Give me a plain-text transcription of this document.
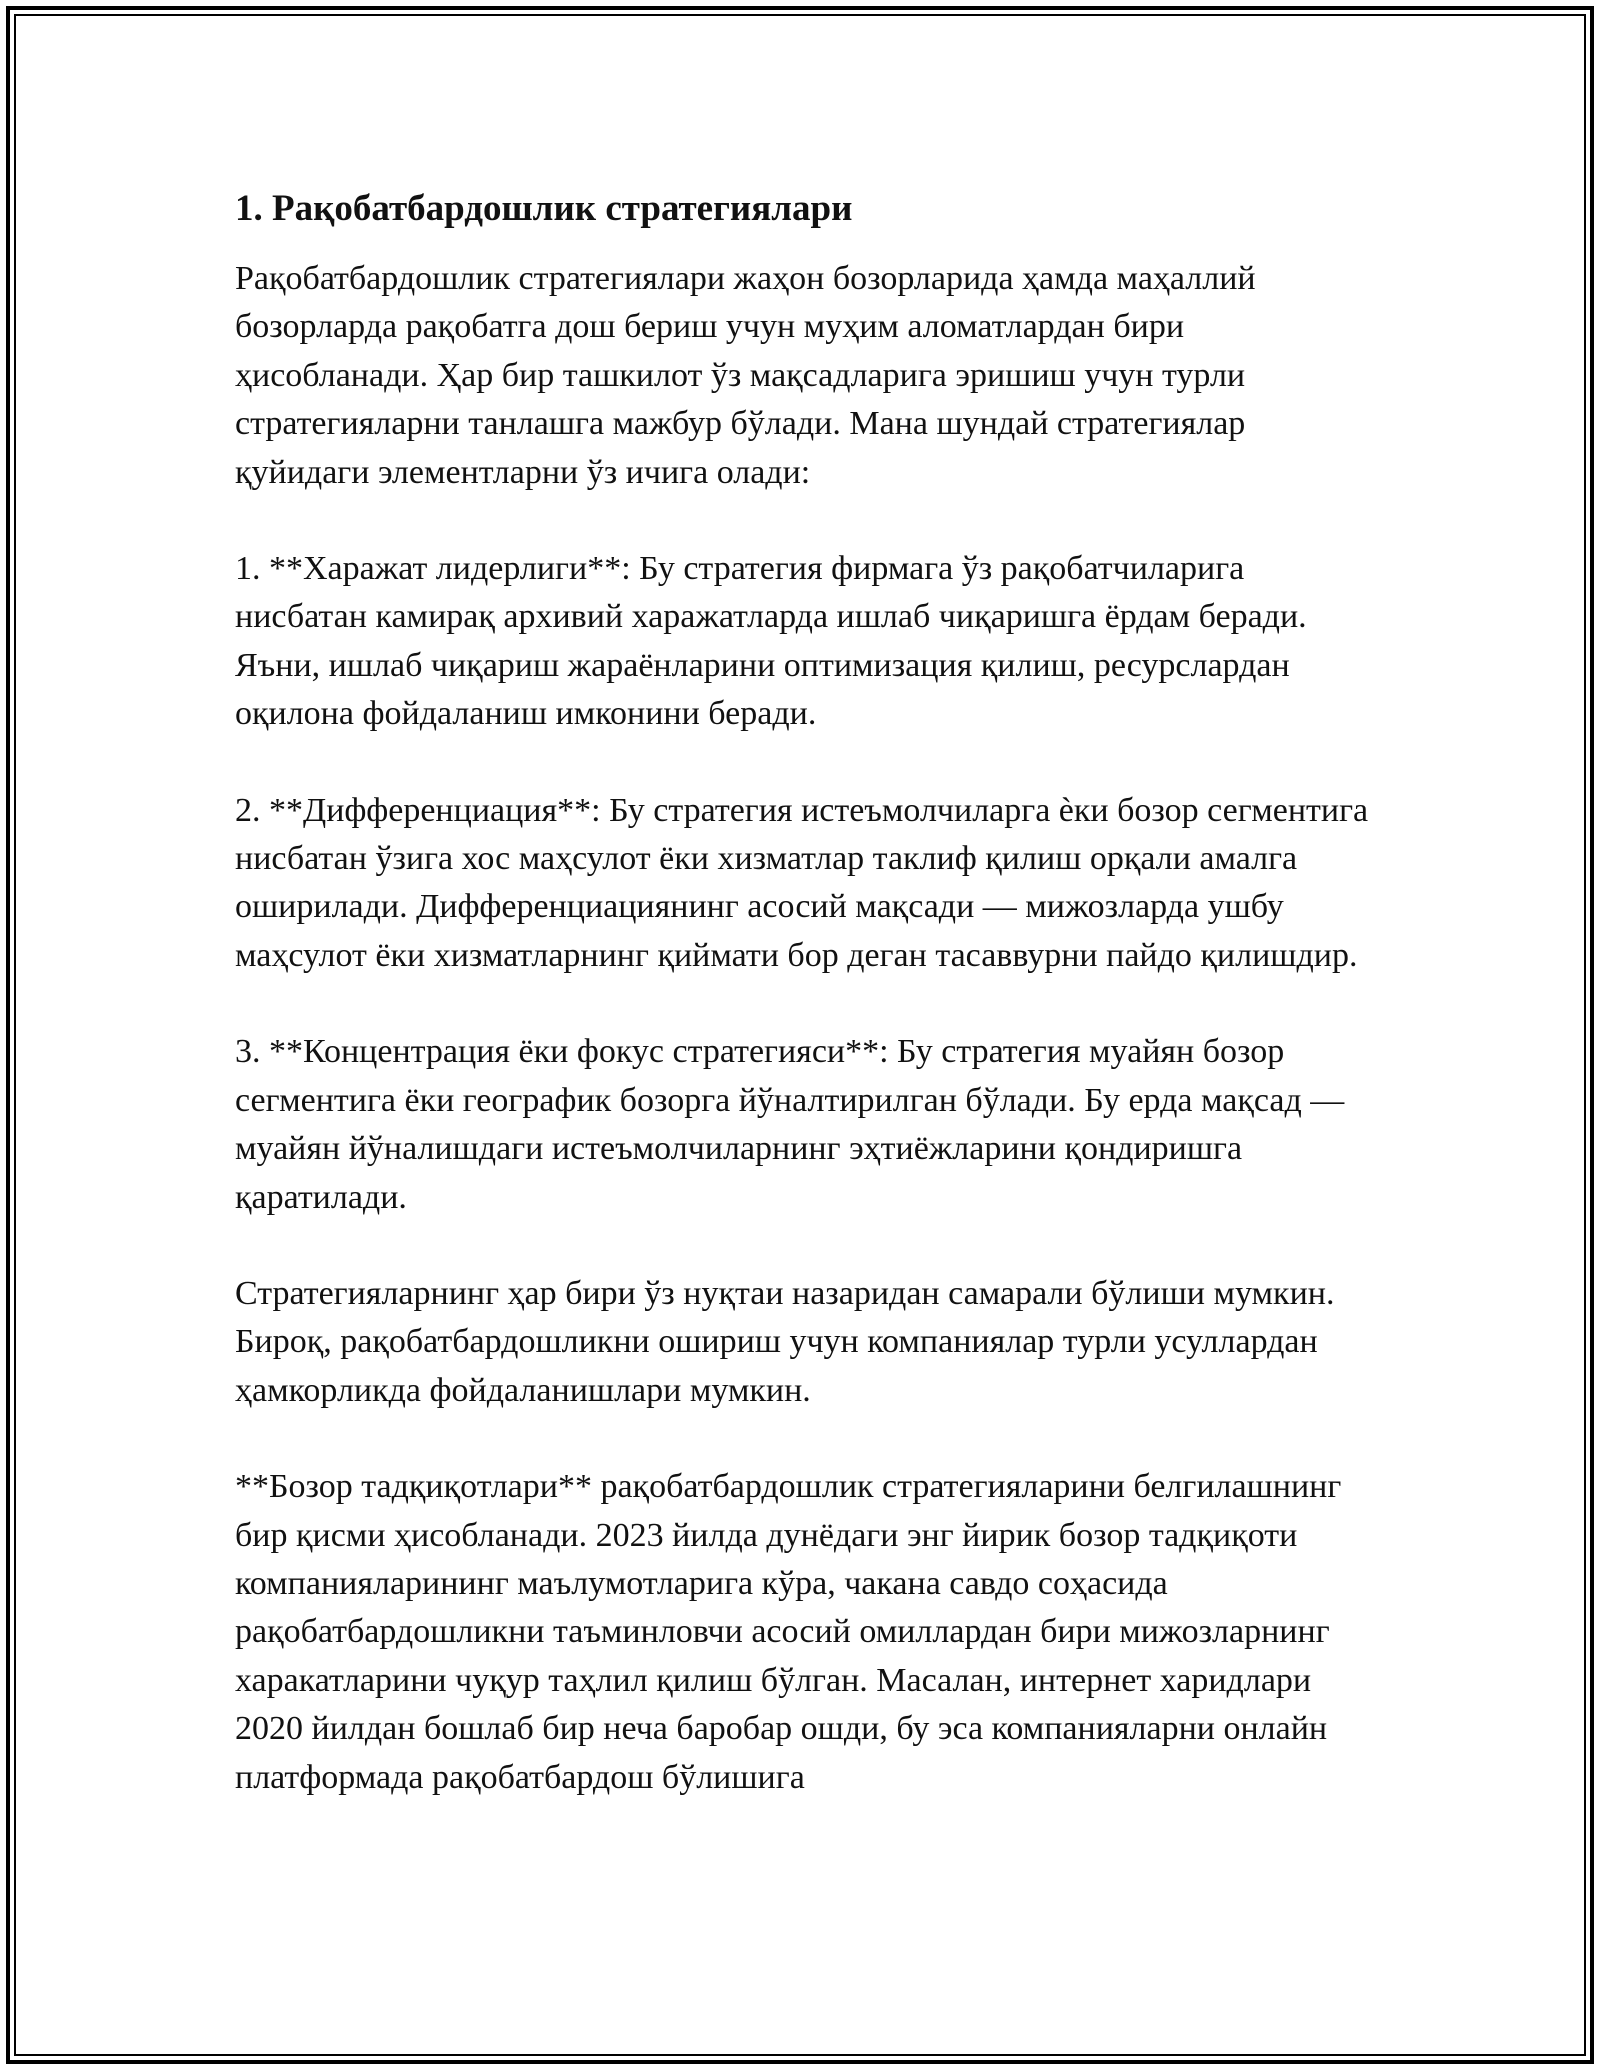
1. Рақобатбардошлик стратегиялари

Рақобатбардошлик стратегиялари жаҳон бозорларида ҳамда маҳаллий бозорларда рақобатга дош бериш учун муҳим аломатлардан бири ҳисобланади. Ҳар бир ташкилот ўз мақсадларига эришиш учун турли стратегияларни танлашга мажбур бўлади. Мана шундай стратегиялар қуйидаги элементларни ўз ичига олади:

1. **Харажат лидерлиги**: Бу стратегия фирмага ўз рақобатчиларига нисбатан камирақ архивий харажатларда ишлаб чиқаришга ёрдам беради. Яъни, ишлаб чиқариш жараёнларини оптимизация қилиш, ресурслардан оқилона фойдаланиш имконини беради.

2. **Дифференциация**: Бу стратегия истеъмолчиларга ѐки бозор сегментига нисбатан ўзига хос маҳсулот ёки хизматлар таклиф қилиш орқали амалга оширилади. Дифференциациянинг асосий мақсади — мижозларда ушбу маҳсулот ёки хизматларнинг қиймати бор деган тасаввурни пайдо қилишдир.

3. **Концентрация ёки фокус стратегияси**: Бу стратегия муайян бозор сегментига ёки географик бозорга йўналтирилган бўлади. Бу ерда мақсад — муайян йўналишдаги истеъмолчиларнинг эҳтиёжларини қондиришга қаратилади.

Стратегияларнинг ҳар бири ўз нуқтаи назаридан самарали бўлиши мумкин. Бироқ, рақобатбардошликни ошириш учун компаниялар турли усуллардан ҳамкорликда фойдаланишлари мумкин.

**Бозор тадқиқотлари** рақобатбардошлик стратегияларини белгилашнинг бир қисми ҳисобланади. 2023 йилда дунёдаги энг йирик бозор тадқиқоти компанияларининг маълумотларига кўра, чакана савдо соҳасида рақобатбардошликни таъминловчи асосий омиллардан бири мижозларнинг харакатларини чуқур таҳлил қилиш бўлган. Масалан, интернет харидлари 2020 йилдан бошлаб бир неча баробар ошди, бу эса компанияларни онлайн платформада рақобатбардош бўлишига
